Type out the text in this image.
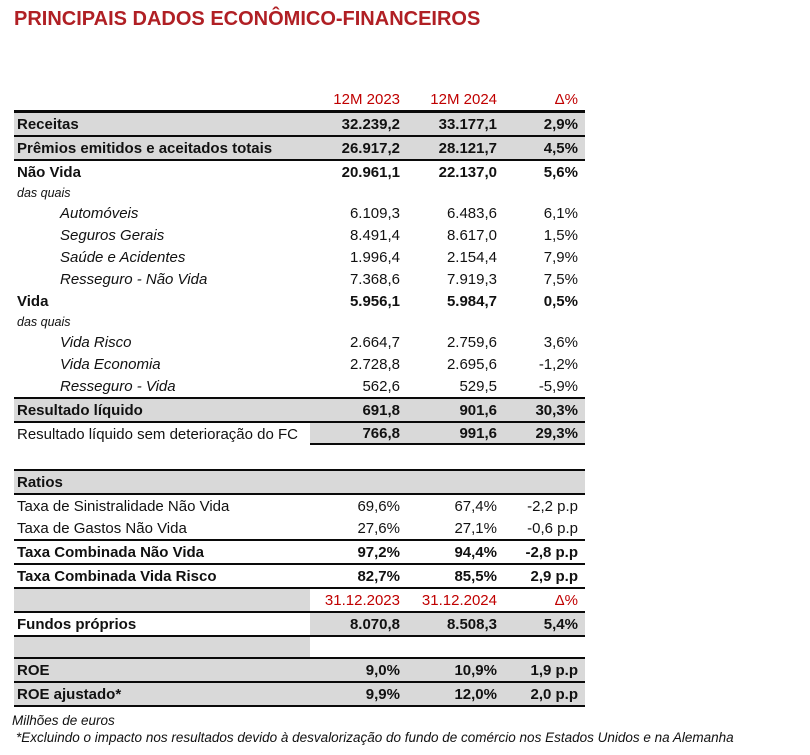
PRINCIPAIS DADOS ECONÔMICO-FINANCEIROS
12M 2023	12M 2024	Δ%
Receitas	32.239,2	33.177,1	2,9%
Prêmios emitidos e aceitados totais	26.917,2	28.121,7	4,5%
Não Vida	20.961,1	22.137,0	5,6%
das quais
Automóveis	6.109,3	6.483,6	6,1%
Seguros Gerais	8.491,4	8.617,0	1,5%
Saúde e Acidentes	1.996,4	2.154,4	7,9%
Resseguro - Não Vida	7.368,6	7.919,3	7,5%
Vida	5.956,1	5.984,7	0,5%
das quais
Vida Risco	2.664,7	2.759,6	3,6%
Vida Economia	2.728,8	2.695,6	-1,2%
Resseguro - Vida	562,6	529,5	-5,9%
Resultado líquido	691,8	901,6	30,3%
Resultado líquido sem deterioração do FC	766,8	991,6	29,3%
Ratios
Taxa de Sinistralidade Não Vida	69,6%	67,4%	-2,2 p.p
Taxa de Gastos Não Vida	27,6%	27,1%	-0,6 p.p
Taxa Combinada Não Vida	97,2%	94,4%	-2,8 p.p
Taxa Combinada Vida Risco	82,7%	85,5%	2,9 p.p
31.12.2023	31.12.2024	Δ%
Fundos próprios	8.070,8	8.508,3	5,4%
ROE	9,0%	10,9%	1,9 p.p
ROE ajustado*	9,9%	12,0%	2,0 p.p
Milhões de euros
*Excluindo o impacto nos resultados devido à desvalorização do fundo de comércio nos Estados Unidos e na Alemanha
